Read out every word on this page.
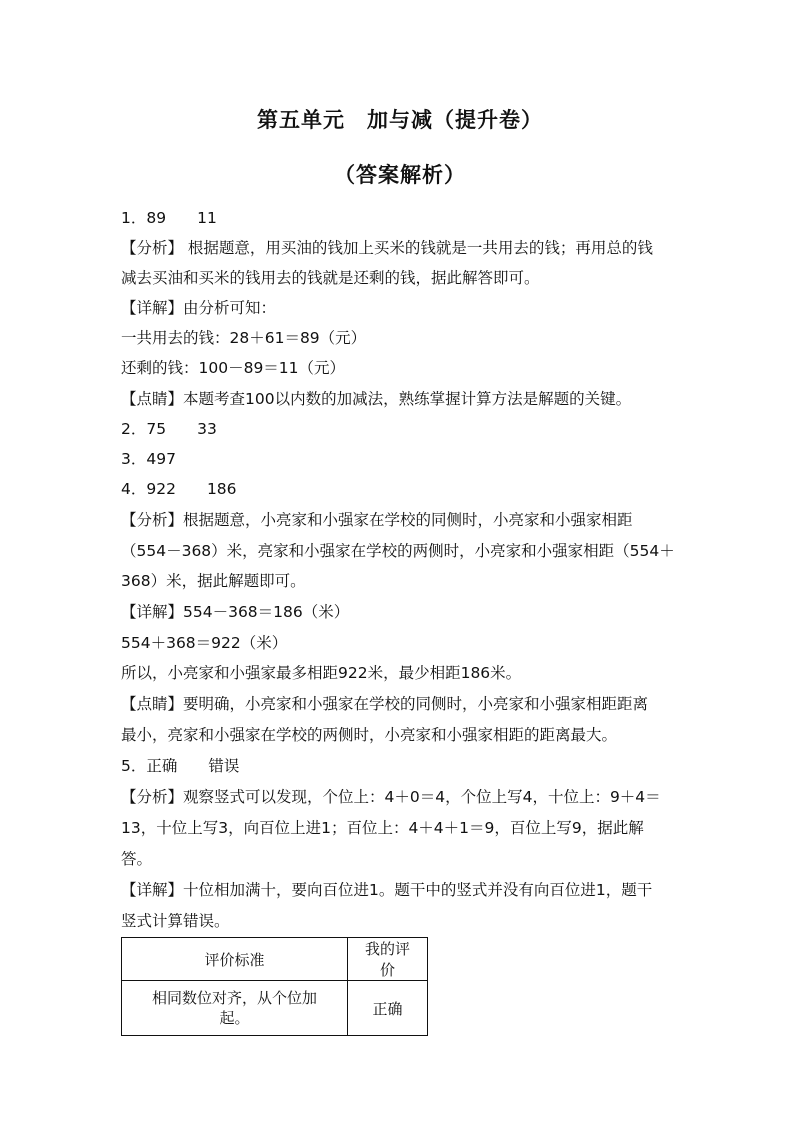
第五单元　加与减（提升卷）
（答案解析）
1．89　　11
【分析】 根据题意，用买油的钱加上买米的钱就是一共用去的钱；再用总的钱
减去买油和买米的钱用去的钱就是还剩的钱，据此解答即可。
【详解】由分析可知：
一共用去的钱：28＋61＝89（元）
还剩的钱：100－89＝11（元）
【点睛】本题考查100以内数的加减法，熟练掌握计算方法是解题的关键。
2．75　　33
3．497
4．922　　186
【分析】根据题意，小亮家和小强家在学校的同侧时，小亮家和小强家相距
（554－368）米，亮家和小强家在学校的两侧时，小亮家和小强家相距（554＋
368）米，据此解题即可。
【详解】554－368＝186（米）
554＋368＝922（米）
所以，小亮家和小强家最多相距922米，最少相距186米。
【点睛】要明确，小亮家和小强家在学校的同侧时，小亮家和小强家相距距离
最小，亮家和小强家在学校的两侧时，小亮家和小强家相距的距离最大。
5．正确　　错误
【分析】观察竖式可以发现，个位上：4＋0＝4，个位上写4，十位上：9＋4＝
13，十位上写3，向百位上进1；百位上：4＋4＋1＝9，百位上写9，据此解
答。
【详解】十位相加满十，要向百位进1。题干中的竖式并没有向百位进1，题干
竖式计算错误。
评价标准	我的评价

相同数位对齐，从个位加
起。	正确
